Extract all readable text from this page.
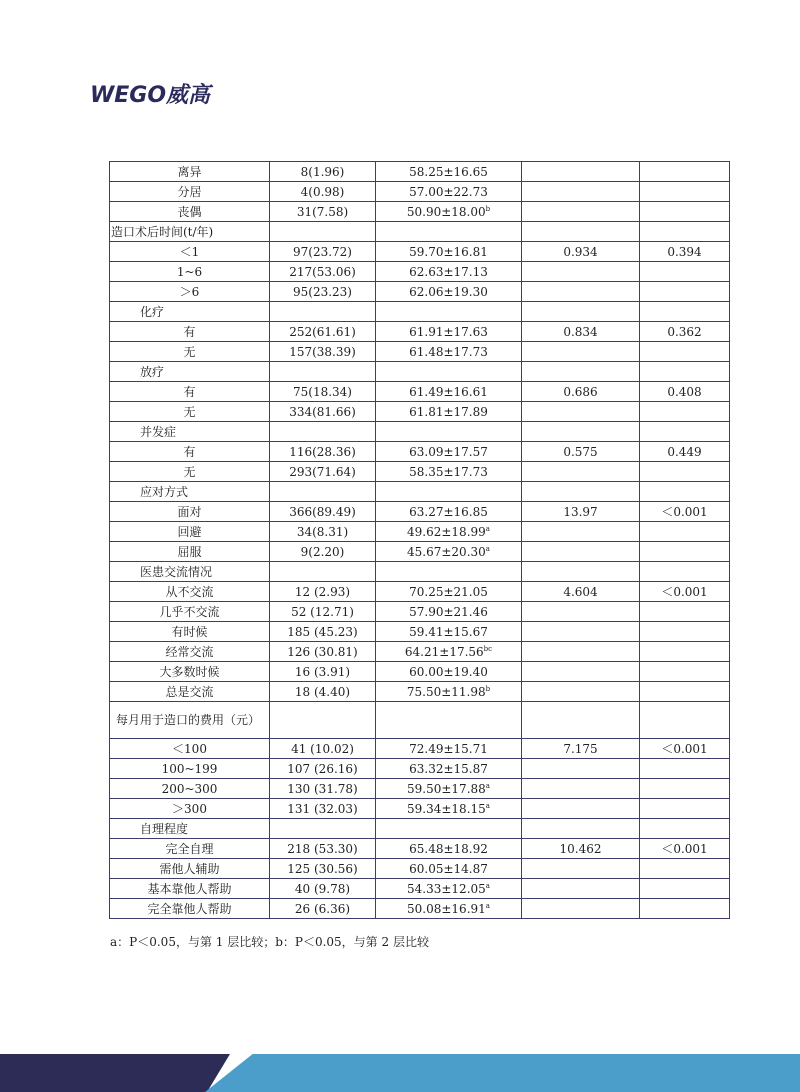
WEGO威高
离异	8(1.96)	58.25±16.65		
分居	4(0.98)	57.00±22.73		
丧偶	31(7.58)	50.90±18.00$^b$		
造口术后时间(t/年)				
＜1	97(23.72)	59.70±16.81	0.934	0.394
1~6	217(53.06)	62.63±17.13		
＞6	95(23.23)	62.06±19.30		
化疗				
有	252(61.61)	61.91±17.63	0.834	0.362
无	157(38.39)	61.48±17.73		
放疗				
有	75(18.34)	61.49±16.61	0.686	0.408
无	334(81.66)	61.81±17.89		
并发症				
有	116(28.36)	63.09±17.57	0.575	0.449
无	293(71.64)	58.35±17.73		
应对方式				
面对	366(89.49)	63.27±16.85	13.97	＜0.001
回避	34(8.31)	49.62±18.99$^a$		
屈服	9(2.20)	45.67±20.30$^a$		
医患交流情况				
从不交流	12 (2.93)	70.25±21.05	4.604	＜0.001
几乎不交流	52 (12.71)	57.90±21.46		
有时候	185 (45.23)	59.41±15.67		
经常交流	126 (30.81)	64.21±17.56$^{bc}$		
大多数时候	16 (3.91)	60.00±19.40		
总是交流	18 (4.40)	75.50±11.98$^b$		
每月用于造口的费用（元）				
＜100	41 (10.02)	72.49±15.71	7.175	＜0.001
100~199	107 (26.16)	63.32±15.87		
200~300	130 (31.78)	59.50±17.88$^a$		
＞300	131 (32.03)	59.34±18.15$^a$		
自理程度				
完全自理	218 (53.30)	65.48±18.92	10.462	＜0.001
需他人辅助	125 (30.56)	60.05±14.87		
基本靠他人帮助	40 (9.78)	54.33±12.05$^a$		
完全靠他人帮助	26 (6.36)	50.08±16.91$^a$		
a：P＜0.05，与第 1 层比较；b：P＜0.05，与第 2 层比较
